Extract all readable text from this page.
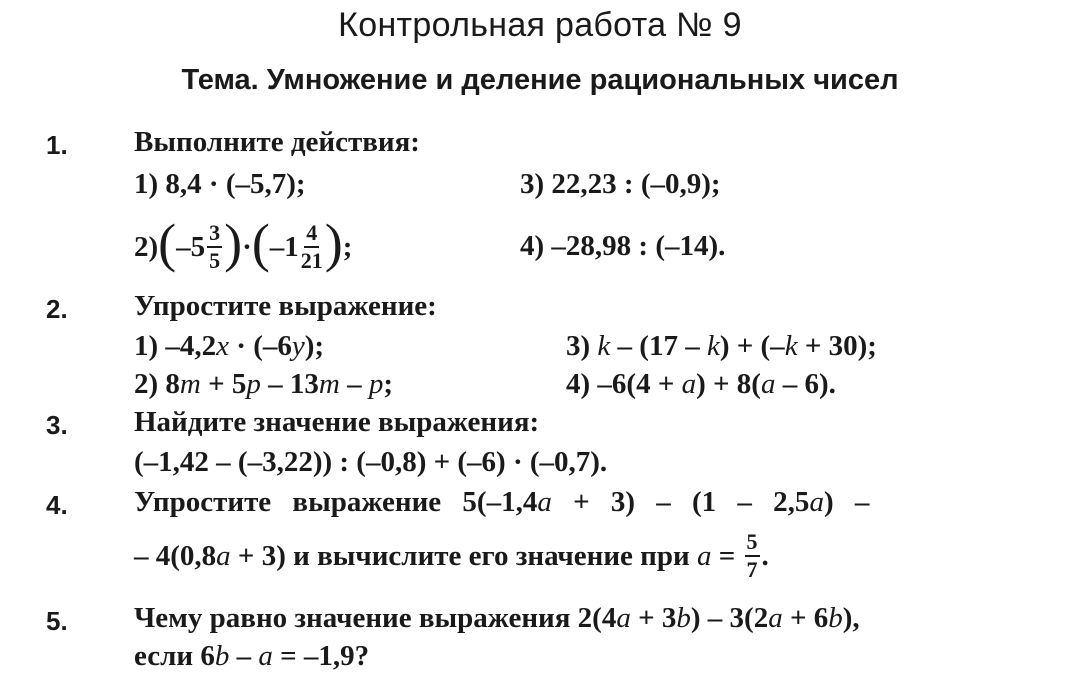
Контрольная работа № 9
Тема. Умножение и деление рациональных чисел
1. Выполните действия:
1) 8,4 · (–5,7);	3) 22,23 : (–0,9);
2) ( $-5 \frac{3}{5}$ ) · ( $-1 \frac{4}{21}$ ) ;	4) –28,98 : (–14).
2. Упростите выражение:
1) –4,2x · (–6y);	3) k – (17 – k) + (–k + 30);
2) 8m + 5p – 13m – p;	4) –6(4 + a) + 8(a – 6).
3. Найдите значение выражения:
(–1,42 – (–3,22)) : (–0,8) + (–6) · (–0,7).
4. Упростите выражение 5(–1,4a + 3) – (1 – 2,5a) –
– 4(0,8 a + 3) и вычислите его значение при $a = \frac{5}{7}$ .
5. Чему равно значение выражения 2(4a + 3b) – 3(2a + 6b),
если 6b – a = –1,9?
